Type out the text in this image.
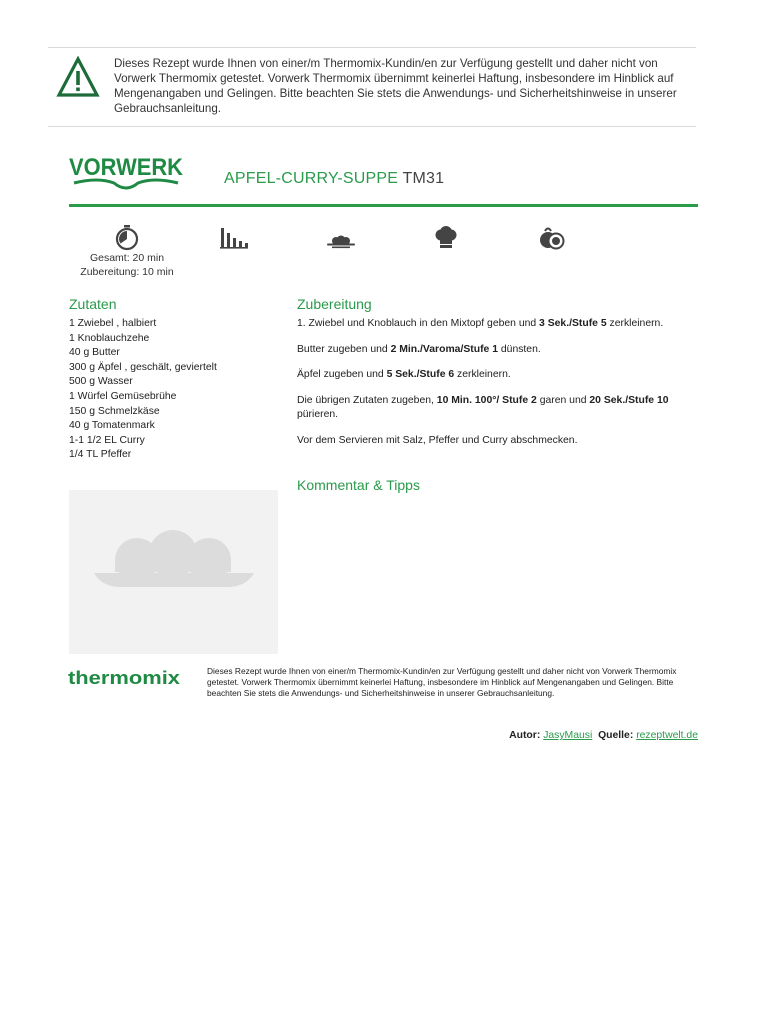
Dieses Rezept wurde Ihnen von einer/m Thermomix-Kundin/en zur Verfügung gestellt und daher nicht von Vorwerk Thermomix getestet. Vorwerk Thermomix übernimmt keinerlei Haftung, insbesondere im Hinblick auf Mengenangaben und Gelingen. Bitte beachten Sie stets die Anwendungs- und Sicherheitshinweise in unserer Gebrauchsanleitung.
VORWERK	APFEL-CURRY-SUPPE TM31
Gesamt: 20 min
Zubereitung: 10 min
Zutaten
1 Zwiebel , halbiert
1 Knoblauchzehe
40 g Butter
300 g Äpfel , geschält, geviertelt
500 g Wasser
1 Würfel Gemüsebrühe
150 g Schmelzkäse
40 g Tomatenmark
1-1 1/2 EL Curry
1/4 TL Pfeffer
Zubereitung

1. Zwiebel und Knoblauch in den Mixtopf geben und 3 Sek./Stufe 5 zerkleinern.

Butter zugeben und 2 Min./Varoma/Stufe 1 dünsten.

Äpfel zugeben und 5 Sek./Stufe 6 zerkleinern.

Die übrigen Zutaten zugeben, 10 Min. 100°/ Stufe 2 garen und 20 Sek./Stufe 10 pürieren.

Vor dem Servieren mit Salz, Pfeffer und Curry abschmecken.

Kommentar & Tipps
thermomix	Dieses Rezept wurde Ihnen von einer/m Thermomix-Kundin/en zur Verfügung gestellt und daher nicht von Vorwerk Thermomix getestet. Vorwerk Thermomix übernimmt keinerlei Haftung, insbesondere im Hinblick auf Mengenangaben und Gelingen. Bitte beachten Sie stets die Anwendungs- und Sicherheitshinweise in unserer Gebrauchsanleitung.
Autor: JasyMausi Quelle: rezeptwelt.de
